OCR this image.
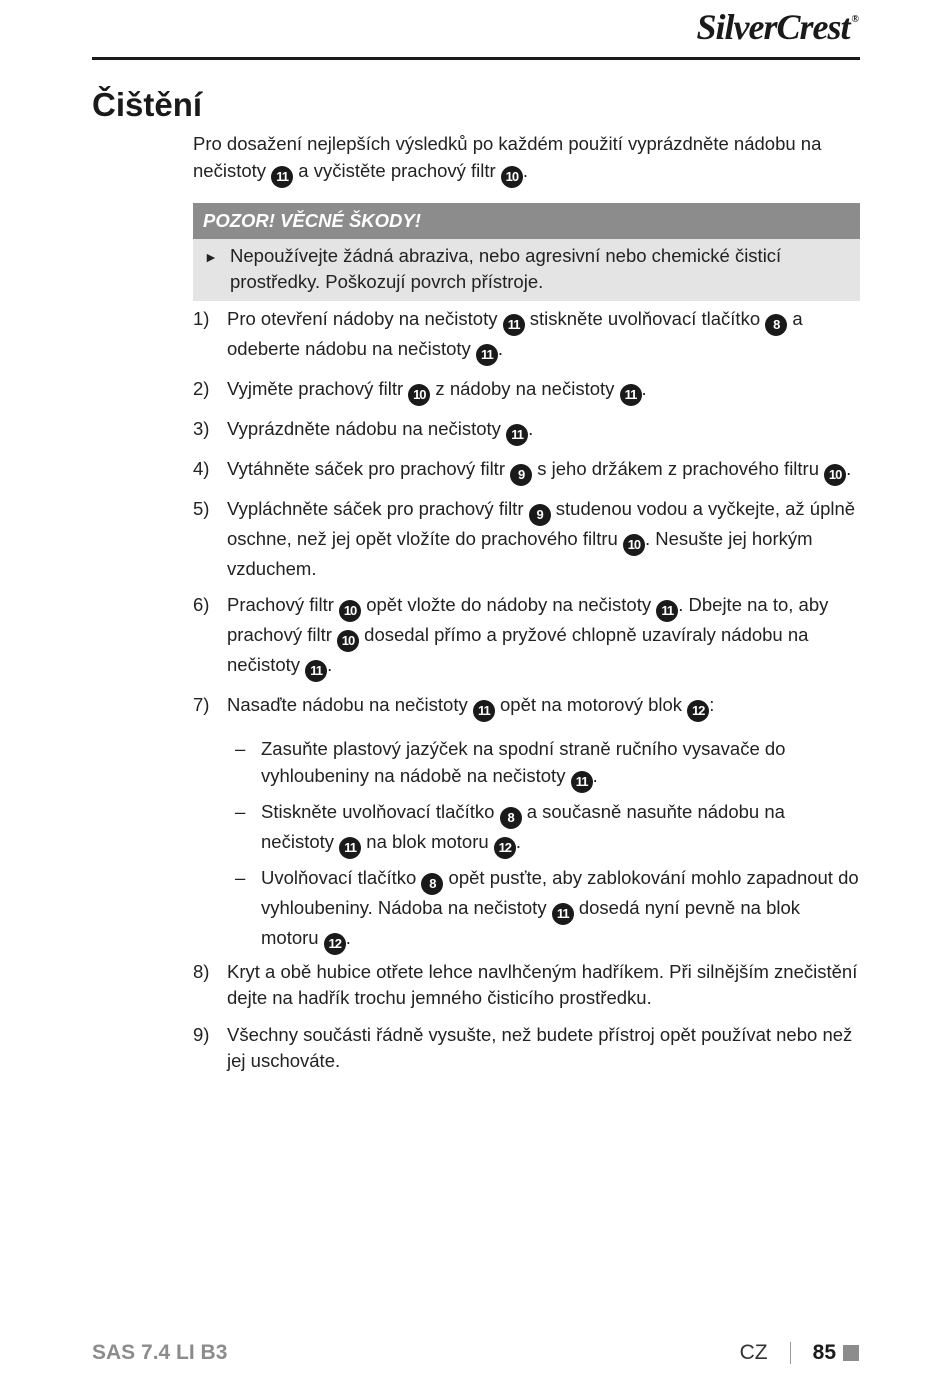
SilverCrest ®
Čištění

Pro dosažení nejlepších výsledků po každém použití vyprázdněte nádobu na nečistoty 11 a vyčistěte prachový filtr 10 .

POZOR! VĚCNÉ ŠKODY!
► Nepoužívejte žádná abraziva, nebo agresivní nebo chemické čisticí prostředky. Poškozují povrch přístroje.
1) Pro otevření nádoby na nečistoty 11 stiskněte uvolňovací tlačítko 8 a odeberte nádobu na nečistoty 11 .
2) Vyjměte prachový filtr 10 z nádoby na nečistoty 11 .
3) Vyprázdněte nádobu na nečistoty 11 .
4) Vytáhněte sáček pro prachový filtr 9 s jeho držákem z prachového filtru 10 .
5) Vypláchněte sáček pro prachový filtr 9 studenou vodou a vyčkejte, až úplně oschne, než jej opět vložíte do prachového filtru 10 . Nesušte jej horkým vzduchem.
6) Prachový filtr 10 opět vložte do nádoby na nečistoty 11 . Dbejte na to, aby prachový filtr 10 dosedal přímo a pryžové chlopně uzavíraly nádobu na nečistoty 11 .
7) Nasaďte nádobu na nečistoty 11 opět na motorový blok 12 :
– Zasuňte plastový jazýček na spodní straně ručního vysavače do vyhloubeniny na nádobě na nečistoty 11 .
– Stiskněte uvolňovací tlačítko 8 a současně nasuňte nádobu na nečistoty 11 na blok motoru 12 .
– Uvolňovací tlačítko 8 opět pusťte, aby zablokování mohlo zapadnout do vyhloubeniny. Nádoba na nečistoty 11 dosedá nyní pevně na blok motoru 12 .
8) Kryt a obě hubice otřete lehce navlhčeným hadříkem. Při silnějším znečistění dejte na hadřík trochu jemného čisticího prostředku.
9) Všechny součásti řádně vysušte, než budete přístroj opět používat nebo než jej uschováte.
SAS 7.4 LI B3	CZ 85
